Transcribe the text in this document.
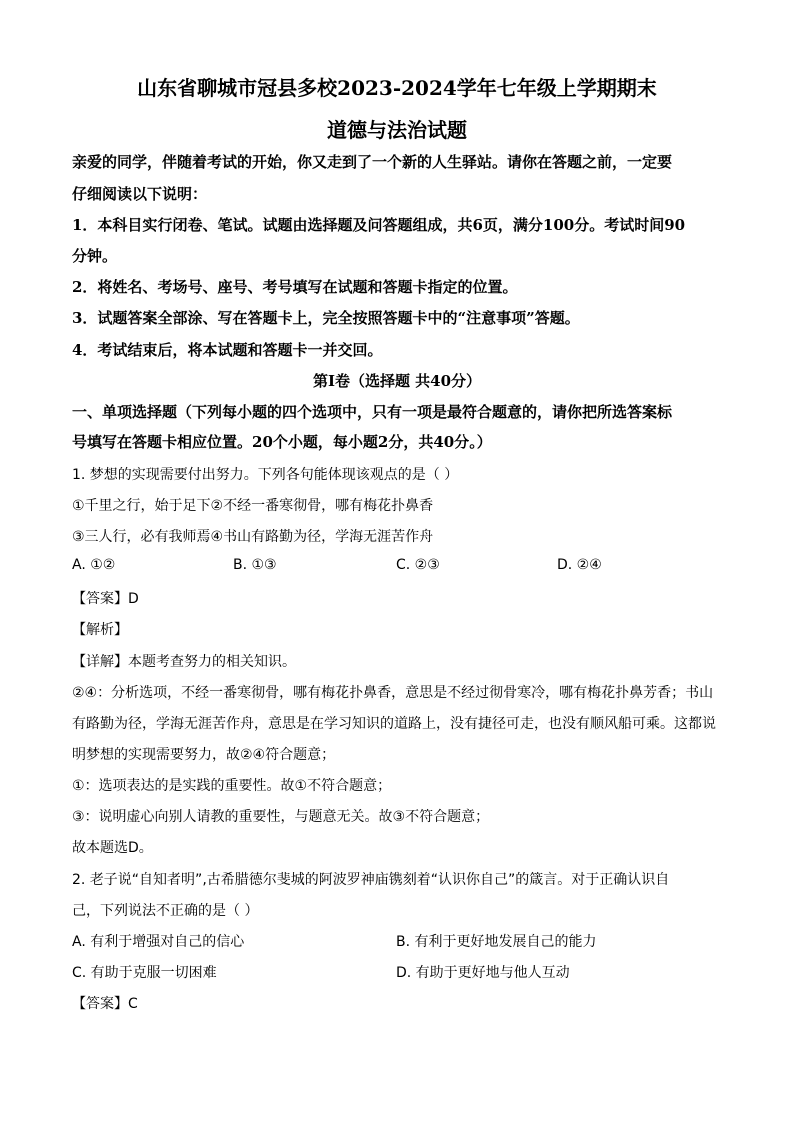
山东省聊城市冠县多校2023-2024学年七年级上学期期末
道德与法治试题
亲爱的同学，伴随着考试的开始，你又走到了一个新的人生驿站。请你在答题之前，一定要
仔细阅读以下说明：
1．本科目实行闭卷、笔试。试题由选择题及问答题组成，共6页，满分100分。考试时间90
分钟。
2．将姓名、考场号、座号、考号填写在试题和答题卡指定的位置。
3．试题答案全部涂、写在答题卡上，完全按照答题卡中的“注意事项”答题。
4．考试结束后，将本试题和答题卡一并交回。
第Ⅰ卷（选择题 共40分）
一、单项选择题（下列每小题的四个选项中，只有一项是最符合题意的，请你把所选答案标
号填写在答题卡相应位置。20个小题，每小题2分，共40分。）
1. 梦想的实现需要付出努力。下列各句能体现该观点的是（ ）
①千里之行，始于足下②不经一番寒彻骨，哪有梅花扑鼻香
③三人行，必有我师焉④书山有路勤为径，学海无涯苦作舟
A. ①②	B. ①③	C. ②③	D. ②④
【答案】D
【解析】
【详解】本题考查努力的相关知识。
②④：分析选项，不经一番寒彻骨，哪有梅花扑鼻香，意思是不经过彻骨寒冷，哪有梅花扑鼻芳香；书山
有路勤为径，学海无涯苦作舟，意思是在学习知识的道路上，没有捷径可走，也没有顺风船可乘。这都说
明梦想的实现需要努力，故②④符合题意；
①：选项表达的是实践的重要性。故①不符合题意；
③：说明虚心向别人请教的重要性，与题意无关。故③不符合题意；
故本题选D。
2. 老子说“自知者明”,古希腊德尔斐城的阿波罗神庙镌刻着“认识你自己”的箴言。对于正确认识自
己，下列说法不正确的是（ ）
A. 有利于增强对自己的信心	B. 有利于更好地发展自己的能力
C. 有助于克服一切困难	D. 有助于更好地与他人互动
【答案】C
